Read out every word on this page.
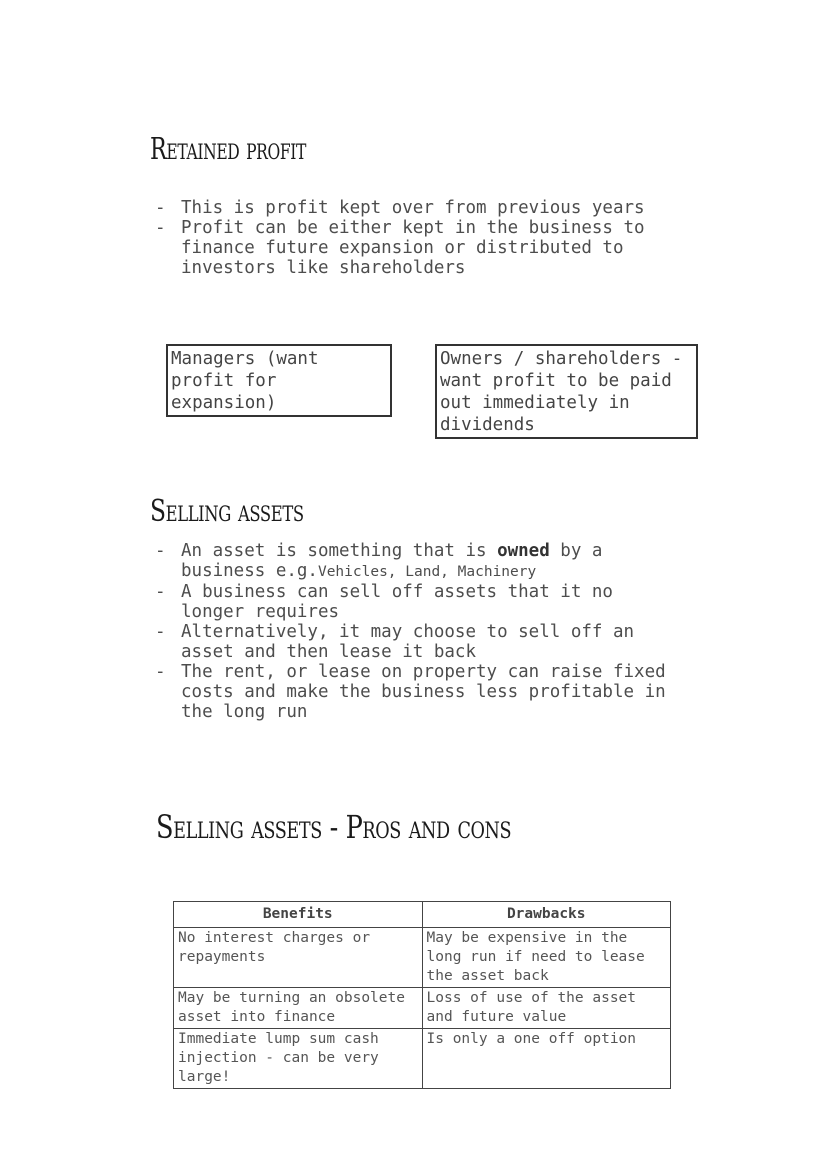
Retained profit
- This is profit kept over from previous years
- Profit can be either kept in the business to finance future expansion or distributed to investors like shareholders
Managers (want profit for expansion)
Owners / shareholders - want profit to be paid out immediately in dividends
Selling assets
- An asset is something that is owned by a business e.g.Vehicles, Land, Machinery
- A business can sell off assets that it no longer requires
- Alternatively, it may choose to sell off an asset and then lease it back
- The rent, or lease on property can raise fixed costs and make the business less profitable in the long run
Selling assets - Pros and cons
Benefits	Drawbacks
No interest charges or repayments	May be expensive in the long run if need to lease the asset back
May be turning an obsolete asset into finance	Loss of use of the asset and future value
Immediate lump sum cash injection - can be very large!	Is only a one off option
